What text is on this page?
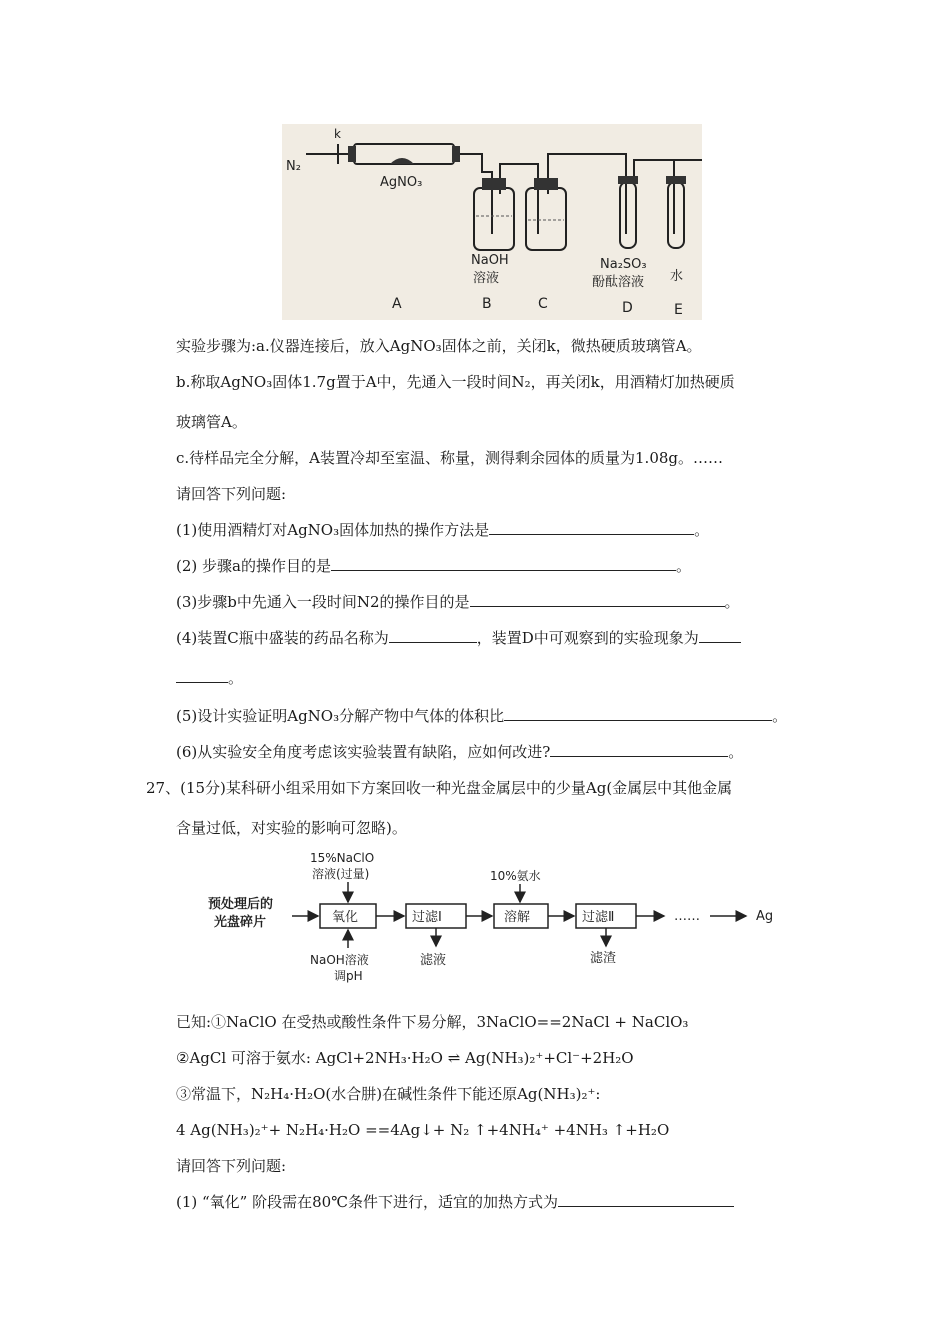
N₂
k
AgNO₃
NaOH
溶液
Na₂SO₃
酚酞溶液 水
A	B	C	D	E
实验步骤为:a.仪器连接后，放入AgNO₃固体之前，关闭k，微热硬质玻璃管A。
b.称取AgNO₃固体1.7g置于A中，先通入一段时间N₂，再关闭k，用酒精灯加热硬质
玻璃管A。
c.待样品完全分解，A装置冷却至室温、称量，测得剩余园体的质量为1.08g。……
请回答下列问题:
(1)使用酒精灯对AgNO₃固体加热的操作方法是	。
(2) 步骤a的操作目的是	。
(3)步骤b中先通入一段时间N2的操作目的是	。
(4)装置C瓶中盛装的药品名称为	，装置D中可观察到的实验现象为
。
(5)设计实验证明AgNO₃分解产物中气体的体积比	。
(6)从实验安全角度考虑该实验装置有缺陷，应如何改进?	。
27、(15分)某科研小组采用如下方案回收一种光盘金属层中的少量Ag(金属层中其他金属
含量过低，对实验的影响可忽略)。
预处理后的
光盘碎片	氧化
15%NaClO
溶液(过量)
NaOH溶液
调pH
过滤Ⅰ
滤液
溶解
10%氨水
过滤Ⅱ
滤渣
……	Ag
已知:①NaClO 在受热或酸性条件下易分解，3NaClO==2NaCl + NaClO₃
②AgCl 可溶于氨水: AgCl+2NH₃·H₂O ⇌ Ag(NH₃)₂⁺+Cl⁻+2H₂O
③常温下，N₂H₄·H₂O(水合肼)在碱性条件下能还原Ag(NH₃)₂⁺:
4 Ag(NH₃)₂⁺+ N₂H₄·H₂O ==4Ag↓+ N₂ ↑+4NH₄⁺ +4NH₃ ↑+H₂O
请回答下列问题:
(1) “氧化” 阶段需在80℃条件下进行，适宜的加热方式为
